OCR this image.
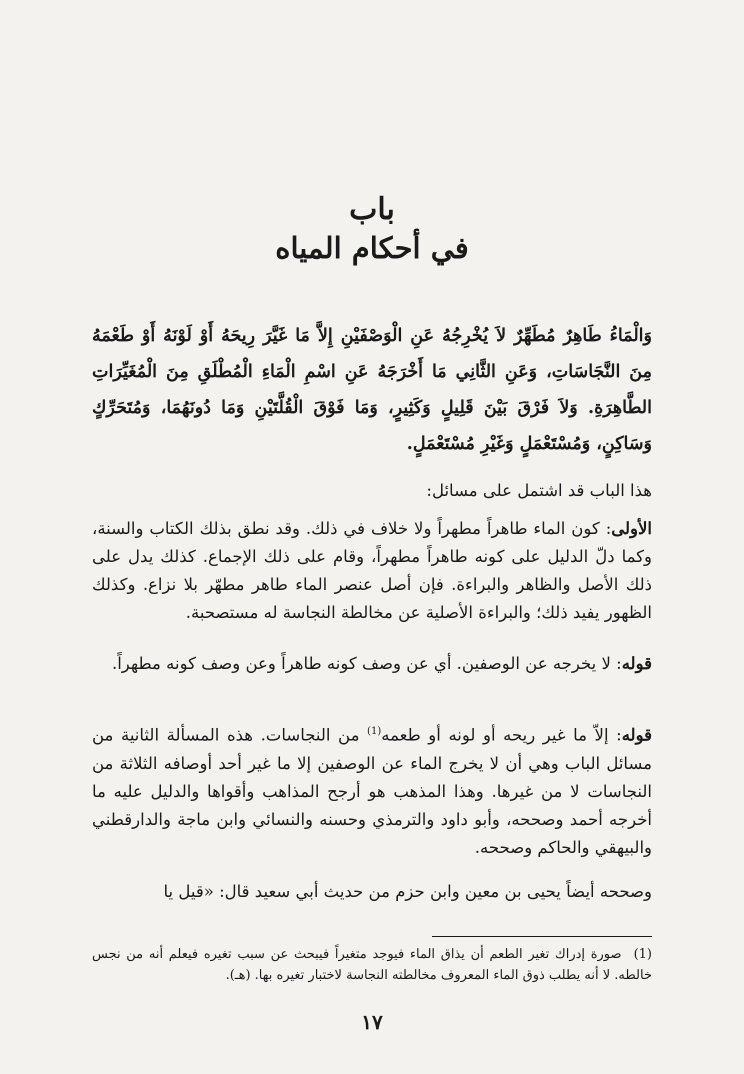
باب
في أحكام المياه
وَالْمَاءُ طَاهِرٌ مُطَهِّرٌ لاَ يُخْرِجُهُ عَنِ الْوَصْفَيْنِ إِلاَّ مَا غَيَّرَ رِيحَهُ أَوْ لَوْنَهُ أَوْ طَعْمَهُ مِنَ النَّجَاسَاتِ، وَعَنِ الثَّانِي مَا أَخْرَجَهُ عَنِ اسْمِ الْمَاءِ الْمُطْلَقِ مِنَ الْمُغَيِّرَاتِ الطَّاهِرَةِ. وَلاَ فَرْقَ بَيْنَ قَلِيلٍ وَكَثِيرٍ، وَمَا فَوْقَ الْقُلَّتَيْنِ وَمَا دُونَهُمَا، وَمُتَحَرِّكٍ وَسَاكِنٍ، وَمُسْتَعْمَلٍ وَغَيْرِ مُسْتَعْمَلٍ.
هذا الباب قد اشتمل على مسائل:
الأولى: كون الماء طاهراً مطهراً ولا خلاف في ذلك. وقد نطق بذلك الكتاب والسنة، وكما دلّ الدليل على كونه طاهراً مطهراً، وقام على ذلك الإجماع. كذلك يدل على ذلك الأصل والظاهر والبراءة. فإن أصل عنصر الماء طاهر مطهّر بلا نزاع. وكذلك الظهور يفيد ذلك؛ والبراءة الأصلية عن مخالطة النجاسة له مستصحبة.
قوله: لا يخرجه عن الوصفين. أي عن وصف كونه طاهراً وعن وصف كونه مطهراً.
قوله: إلاّ ما غير ريحه أو لونه أو طعمه$^{(1)}$ من النجاسات. هذه المسألة الثانية من مسائل الباب وهي أن لا يخرج الماء عن الوصفين إلا ما غير أحد أوصافه الثلاثة من النجاسات لا من غيرها. وهذا المذهب هو أرجح المذاهب وأقواها والدليل عليه ما أخرجه أحمد وصححه، وأبو داود والترمذي وحسنه والنسائي وابن ماجة والدارقطني والبيهقي والحاكم وصححه.
وصححه أيضاً يحيى بن معين وابن حزم من حديث أبي سعيد قال: «قيل يا
(1)صورة إدراك تغير الطعم أن يذاق الماء فيوجد متغيراً فيبحث عن سبب تغيره فيعلم أنه من نجس خالطه. لا أنه يطلب ذوق الماء المعروف مخالطته النجاسة لاختبار تغيره بها. (هـ).
١٧
